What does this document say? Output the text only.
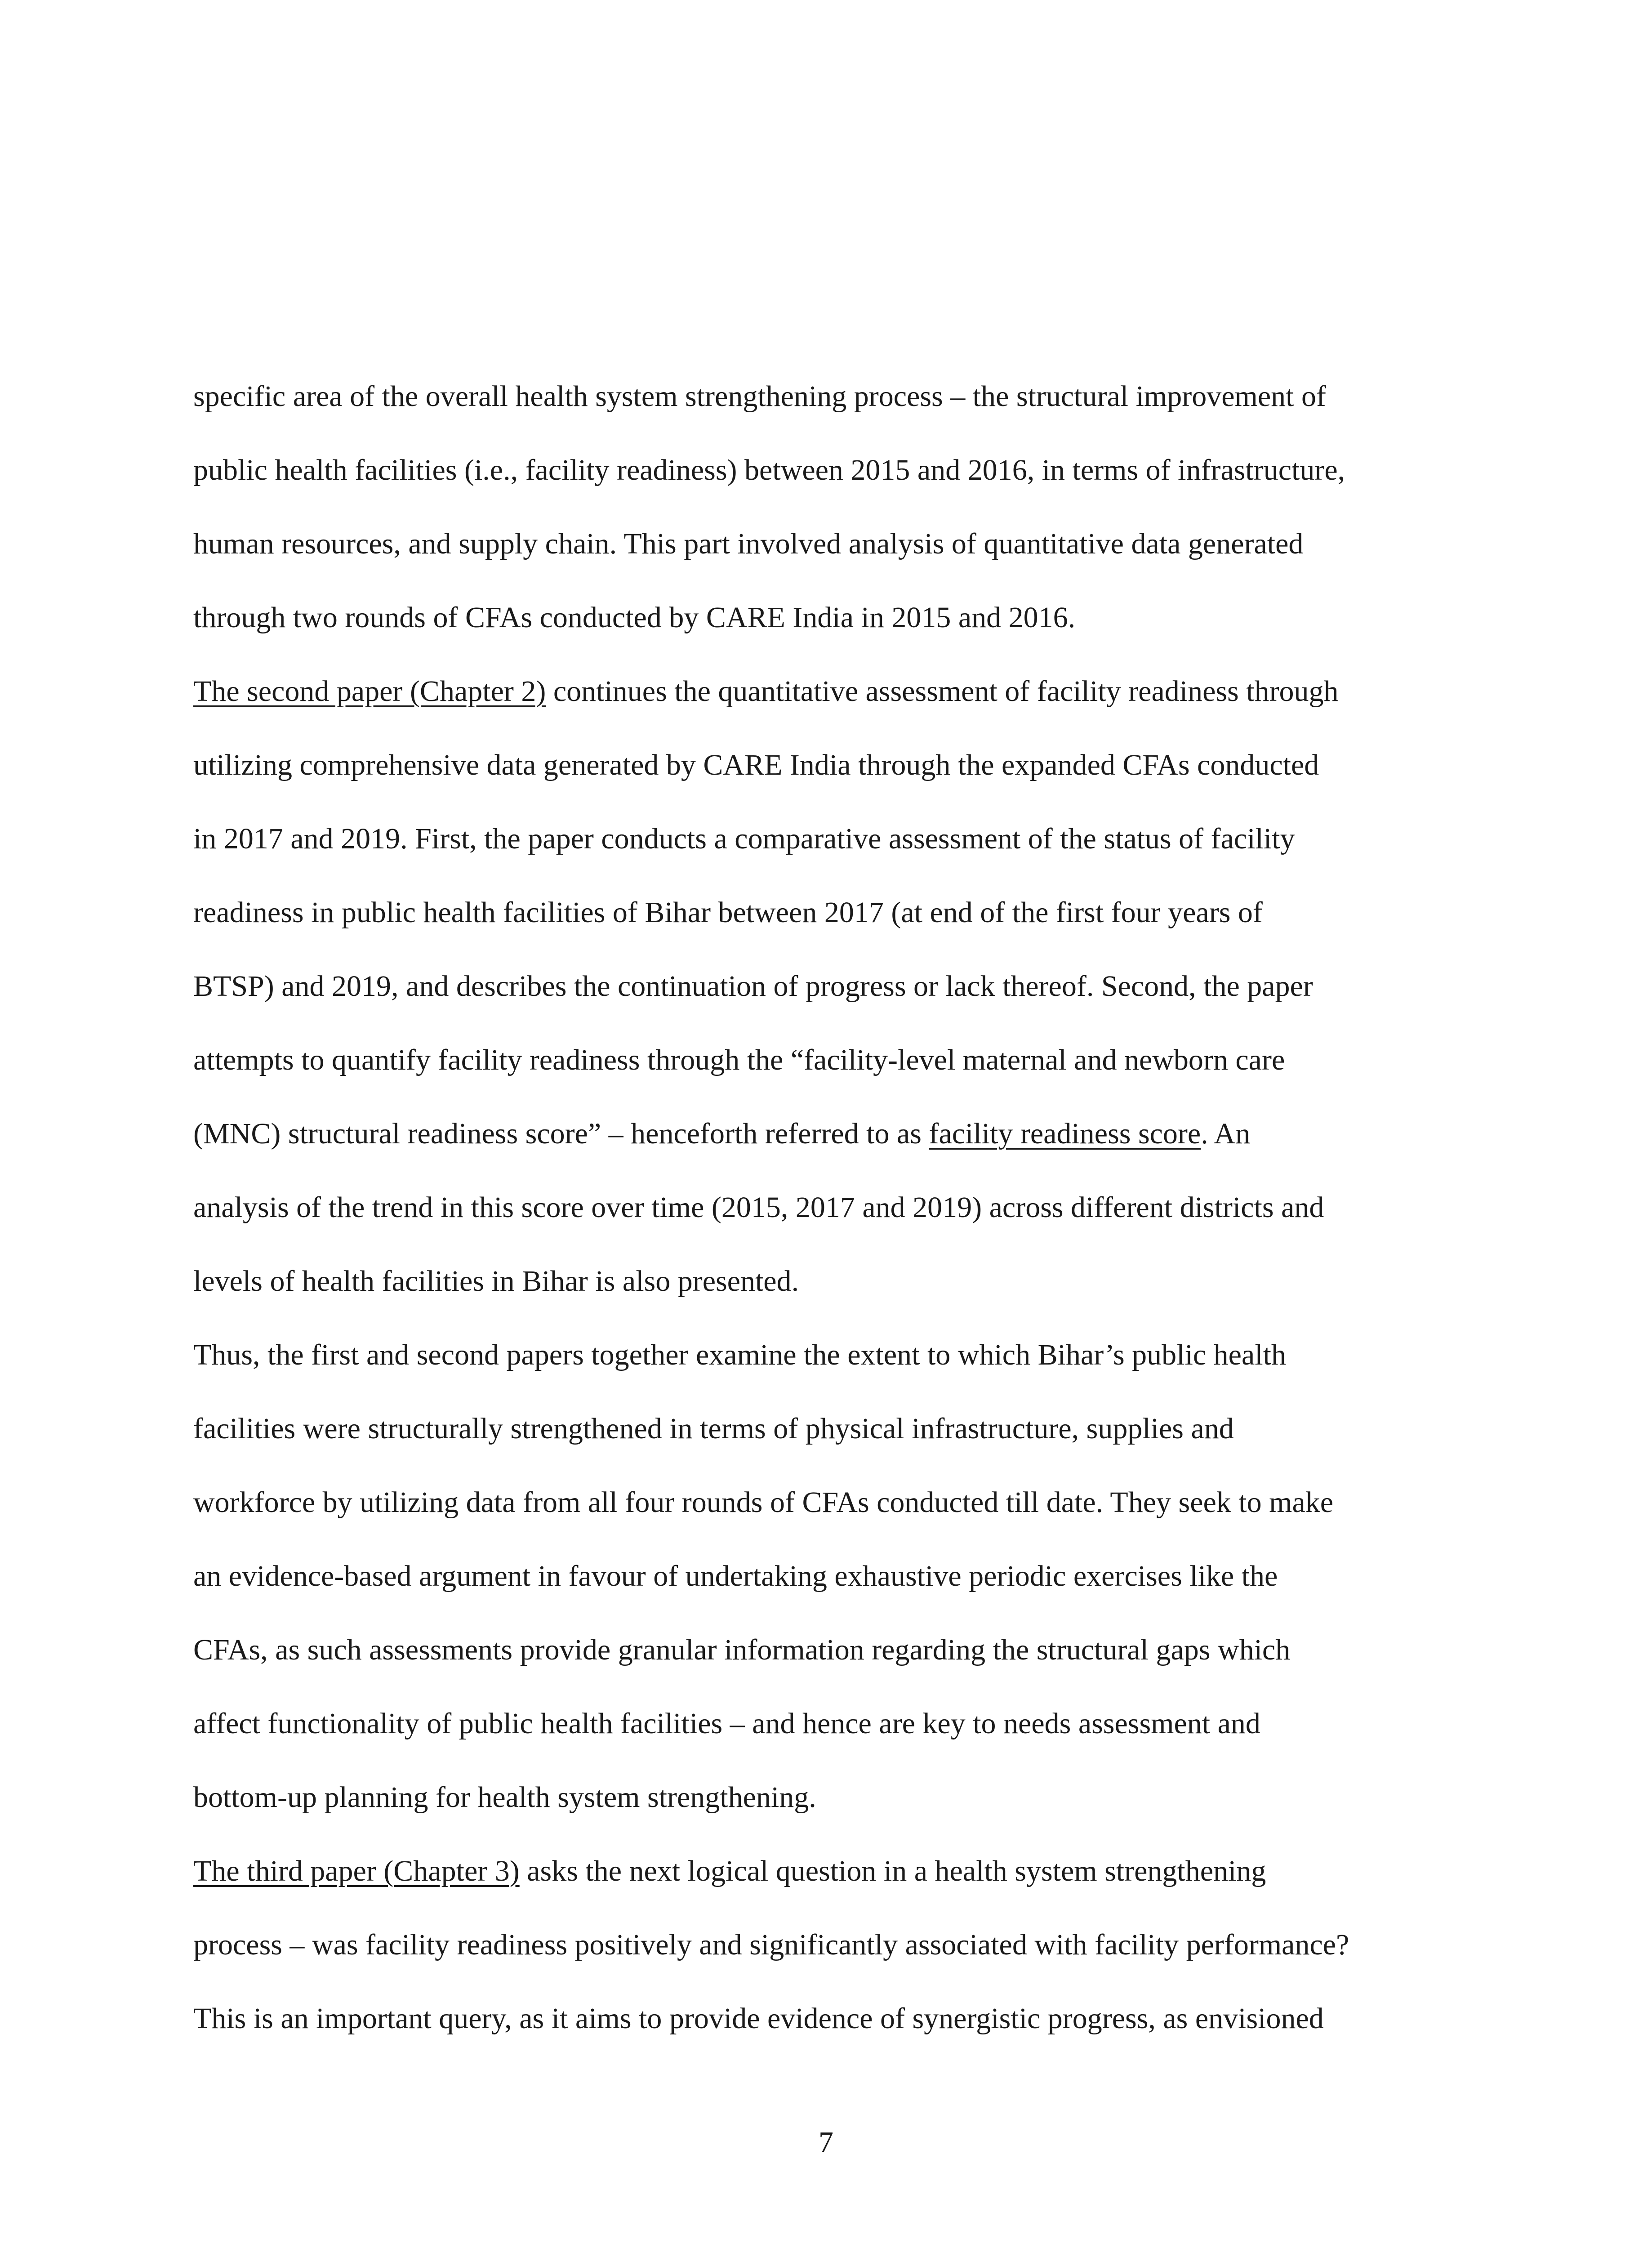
specific area of the overall health system strengthening process – the structural improvement of
public health facilities (i.e., facility readiness) between 2015 and 2016, in terms of infrastructure,
human resources, and supply chain. This part involved analysis of quantitative data generated
through two rounds of CFAs conducted by CARE India in 2015 and 2016.
The second paper (Chapter 2) continues the quantitative assessment of facility readiness through
utilizing comprehensive data generated by CARE India through the expanded CFAs conducted
in 2017 and 2019. First, the paper conducts a comparative assessment of the status of facility
readiness in public health facilities of Bihar between 2017 (at end of the first four years of
BTSP) and 2019, and describes the continuation of progress or lack thereof. Second, the paper
attempts to quantify facility readiness through the “facility-level maternal and newborn care
(MNC) structural readiness score” – henceforth referred to as facility readiness score. An
analysis of the trend in this score over time (2015, 2017 and 2019) across different districts and
levels of health facilities in Bihar is also presented.
Thus, the first and second papers together examine the extent to which Bihar’s public health
facilities were structurally strengthened in terms of physical infrastructure, supplies and
workforce by utilizing data from all four rounds of CFAs conducted till date. They seek to make
an evidence-based argument in favour of undertaking exhaustive periodic exercises like the
CFAs, as such assessments provide granular information regarding the structural gaps which
affect functionality of public health facilities – and hence are key to needs assessment and
bottom-up planning for health system strengthening.
The third paper (Chapter 3) asks the next logical question in a health system strengthening
process – was facility readiness positively and significantly associated with facility performance?
This is an important query, as it aims to provide evidence of synergistic progress, as envisioned
7
